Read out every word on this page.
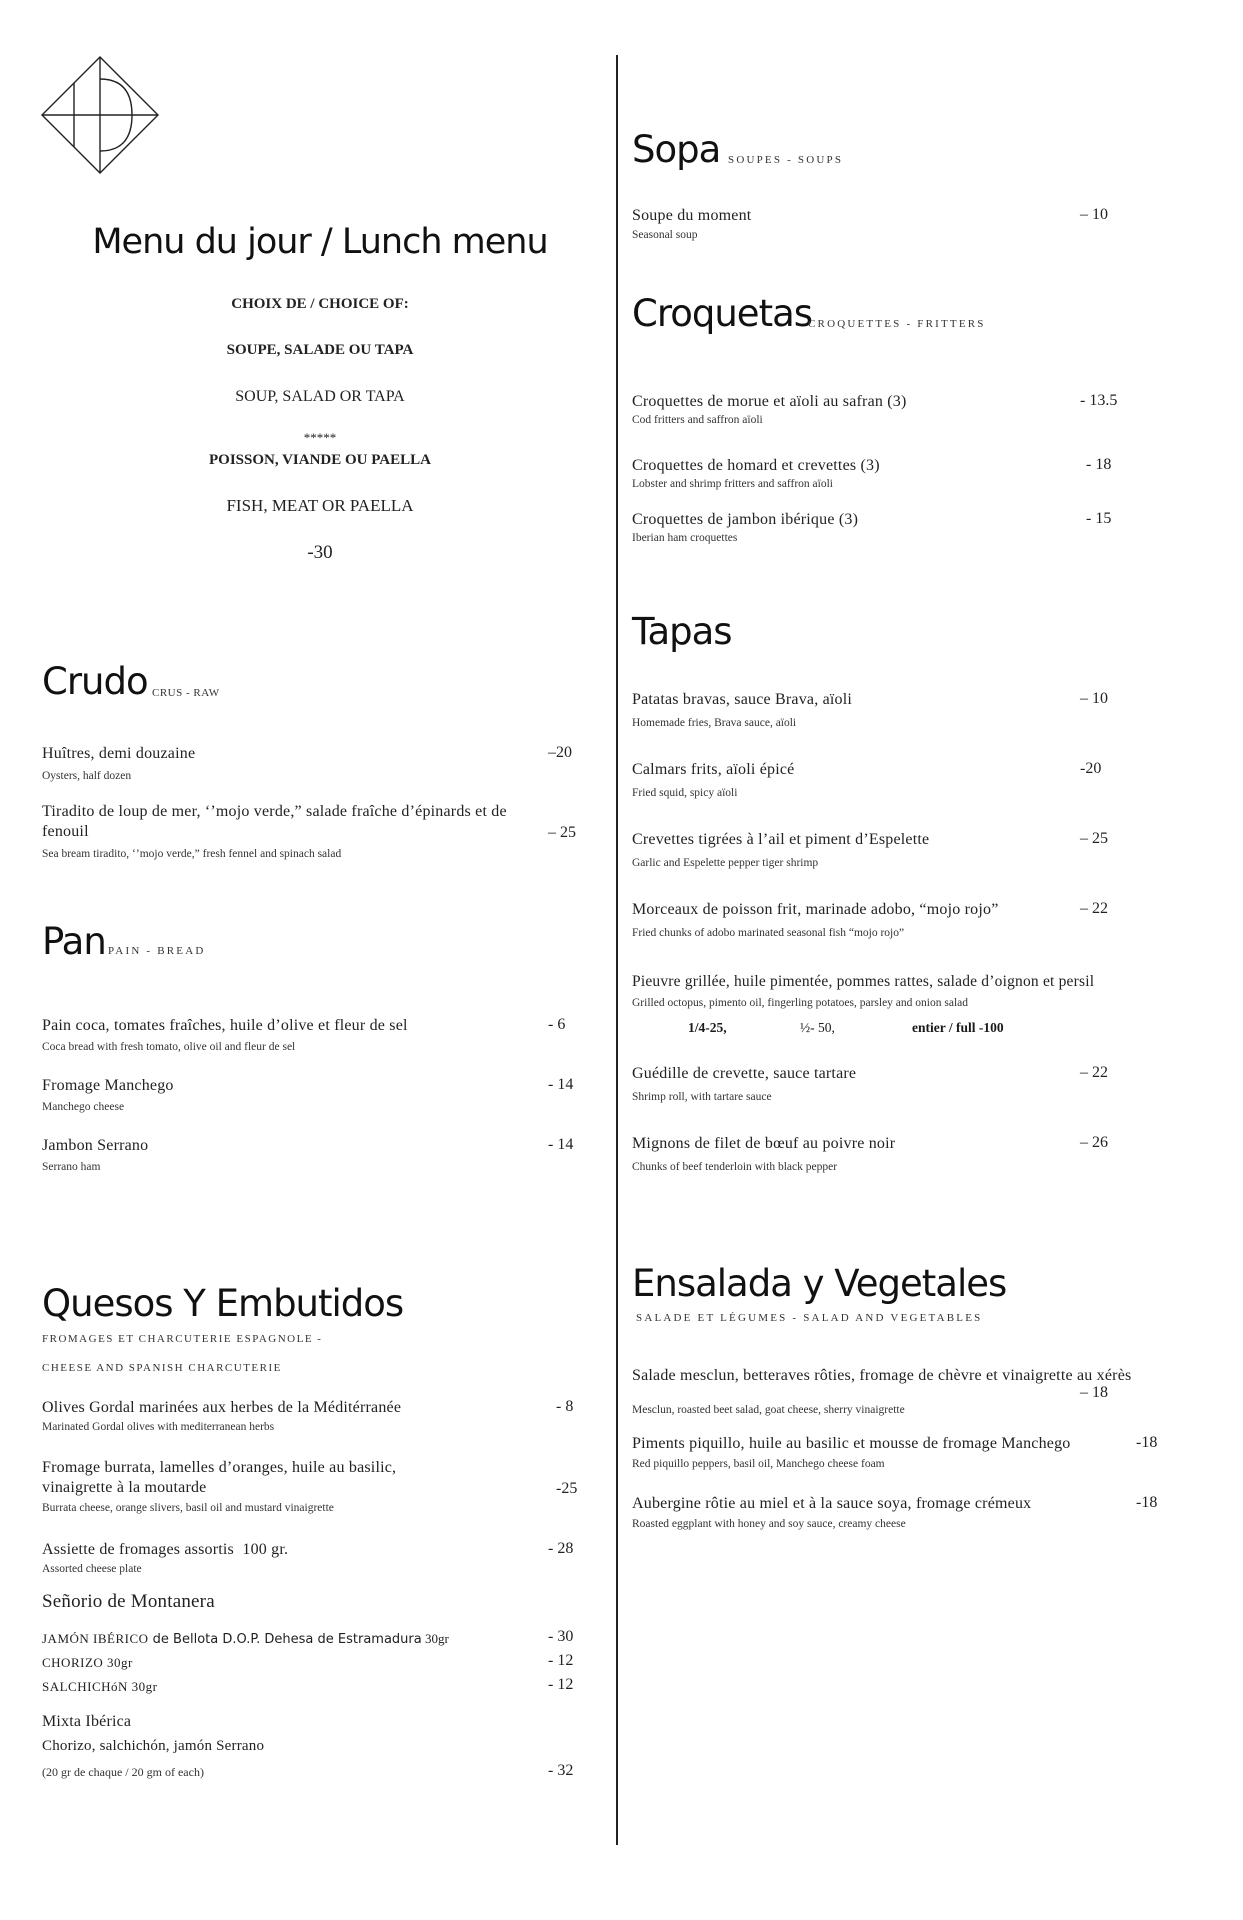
Menu du jour / Lunch menu
CHOIX DE / CHOICE OF:
SOUPE, SALADE OU TAPA
SOUP, SALAD OR TAPA
*****
POISSON, VIANDE OU PAELLA
FISH, MEAT OR PAELLA
-30
Crudo CRUS - RAW
Huîtres, demi douzaine
Oysters, half dozen
–20
Tiradito de loup de mer, ‘’mojo verde,” salade fraîche d’épinards et de fenouil
Sea bream tiradito, ‘’mojo verde,” fresh fennel and spinach salad
– 25
Pan PAIN - BREAD
Pain coca, tomates fraîches, huile d’olive et fleur de sel
Coca bread with fresh tomato, olive oil and fleur de sel
- 6
Fromage Manchego
Manchego cheese
- 14
Jambon Serrano
Serrano ham
- 14
Quesos Y Embutidos
FROMAGES ET CHARCUTERIE ESPAGNOLE -
CHEESE AND SPANISH CHARCUTERIE
Olives Gordal marinées aux herbes de la Méditérranée
Marinated Gordal olives with mediterranean herbs
- 8
Fromage burrata, lamelles d’oranges, huile au basilic, vinaigrette à la moutarde
Burrata cheese, orange slivers, basil oil and mustard vinaigrette
-25
Assiette de fromages assortis  100 gr.
Assorted cheese plate
- 28
Señorio de Montanera
JAMÓN IBÉRICO de Bellota D.O.P. Dehesa de Estramadura 30gr	- 30
CHORIZO 30gr	- 12
SALCHICHóN 30gr	- 12
Mixta Ibérica
Chorizo, salchichón, jamón Serrano
(20 gr de chaque / 20 gm of each)	- 32
Sopa SOUPES - SOUPS
Soupe du moment
Seasonal soup
– 10
Croquetas
CROQUETTES - FRITTERS
Croquettes de morue et aïoli au safran (3)
Cod fritters and saffron aïoli
- 13.5
Croquettes de homard et crevettes (3)
Lobster and shrimp fritters and saffron aïoli
- 18
Croquettes de jambon ibérique (3)
Iberian ham croquettes
- 15
Tapas
Patatas bravas, sauce Brava, aïoli
Homemade fries, Brava sauce, aïoli
– 10
Calmars frits, aïoli épicé
Fried squid, spicy aïoli
-20
Crevettes tigrées à l’ail et piment d’Espelette
Garlic and Espelette pepper tiger shrimp
– 25
Morceaux de poisson frit, marinade adobo, “mojo rojo”
Fried chunks of adobo marinated seasonal fish “mojo rojo”
– 22
Pieuvre grillée, huile pimentée, pommes rattes, salade d’oignon et persil
Grilled octopus, pimento oil, fingerling potatoes, parsley and onion salad
1/4-25,	½- 50,	entier / full -100
Guédille de crevette, sauce tartare
Shrimp roll, with tartare sauce
– 22
Mignons de filet de bœuf au poivre noir
Chunks of beef tenderloin with black pepper
– 26
Ensalada y Vegetales
SALADE ET LÉGUMES - SALAD AND VEGETABLES
Salade mesclun, betteraves rôties, fromage de chèvre et vinaigrette au xérès
Mesclun, roasted beet salad, goat cheese, sherry vinaigrette
– 18
Piments piquillo, huile au basilic et mousse de fromage Manchego
Red piquillo peppers, basil oil, Manchego cheese foam
-18
Aubergine rôtie au miel et à la sauce soya, fromage crémeux
Roasted eggplant with honey and soy sauce, creamy cheese
-18
